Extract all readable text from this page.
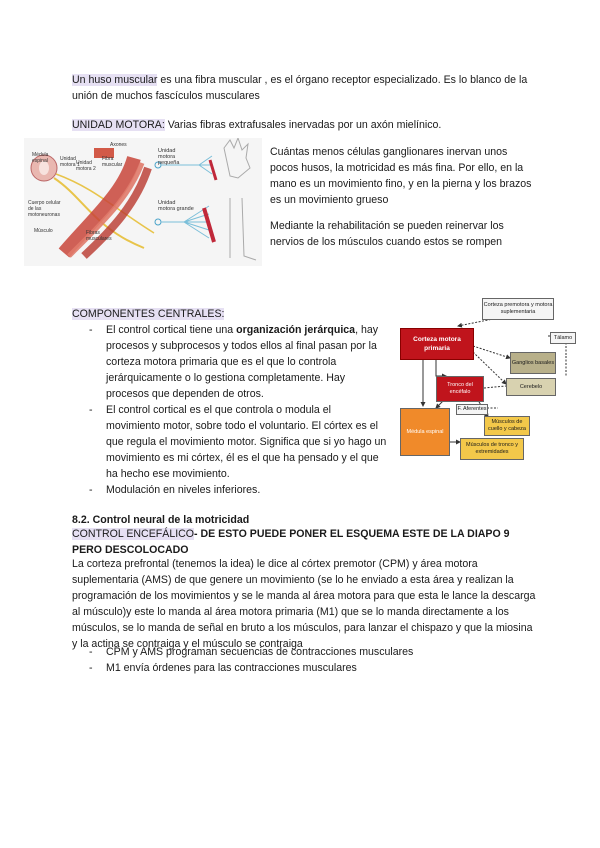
Un huso muscular es una fibra muscular , es el órgano receptor especializado. Es lo blanco de la unión de muchos fascículos musculares
UNIDAD MOTORA: Varias fibras extrafusales inervadas por un axón mielínico.
Médula espinal	Unidad motora 1
Unidad motora 2
Cuerpo celular de las motoneuronas
Axones
Fibra muscular
Músculo	Fibras musculares
Unidad motora pequeña
Unidad motora grande
Cuántas menos células ganglionares inervan unos pocos husos, la motricidad es más fina. Por ello, en la mano es un movimiento fino, y en la pierna y los brazos es un movimiento grueso
Mediante la rehabilitación se pueden reinervar los nervios de los músculos cuando estos se rompen
COMPONENTES CENTRALES:
- El control cortical tiene una organización jerárquica, hay procesos y subprocesos y todos ellos al final pasan por la corteza motora primaria que es el que lo controla jerárquicamente o lo gestiona completamente. Hay procesos que dependen de otros.
- El control cortical es el que controla o modula el movimiento motor, sobre todo el voluntario. El córtex es el que regula el movimiento motor. Significa que si yo hago un movimiento es mi córtex, él es el que ha pensado y el que ha hecho ese movimiento.
- Modulación en niveles inferiores.
Corteza premotora y motora suplementaria
Corteza motora primaria
Tálamo
Ganglios basales
Cerebelo
Tronco del encéfalo
Médula espinal
F. Aferentes
Músculos de cuello y cabeza
Músculos de tronco y extremidades
8.2. Control neural de la motricidad
CONTROL ENCEFÁLICO- DE ESTO PUEDE PONER EL ESQUEMA ESTE DE LA DIAPO 9 PERO DESCOLOCADO
La corteza prefrontal (tenemos la idea) le dice al córtex premotor (CPM) y área motora suplementaria (AMS) de que genere un movimiento (se lo he enviado a esta área y realizan la programación de los movimientos y se le manda al área motora para que esta le lance la descarga al músculo)y este lo manda al área motora primaria (M1) que se lo manda directamente a los músculos, se lo manda de señal en bruto a los músculos, para lanzar el chispazo y que la miosina y la actina se contraiga y el músculo se contraiga
- CPM y AMS programan secuencias de contracciones musculares
- M1 envía órdenes para las contracciones musculares
